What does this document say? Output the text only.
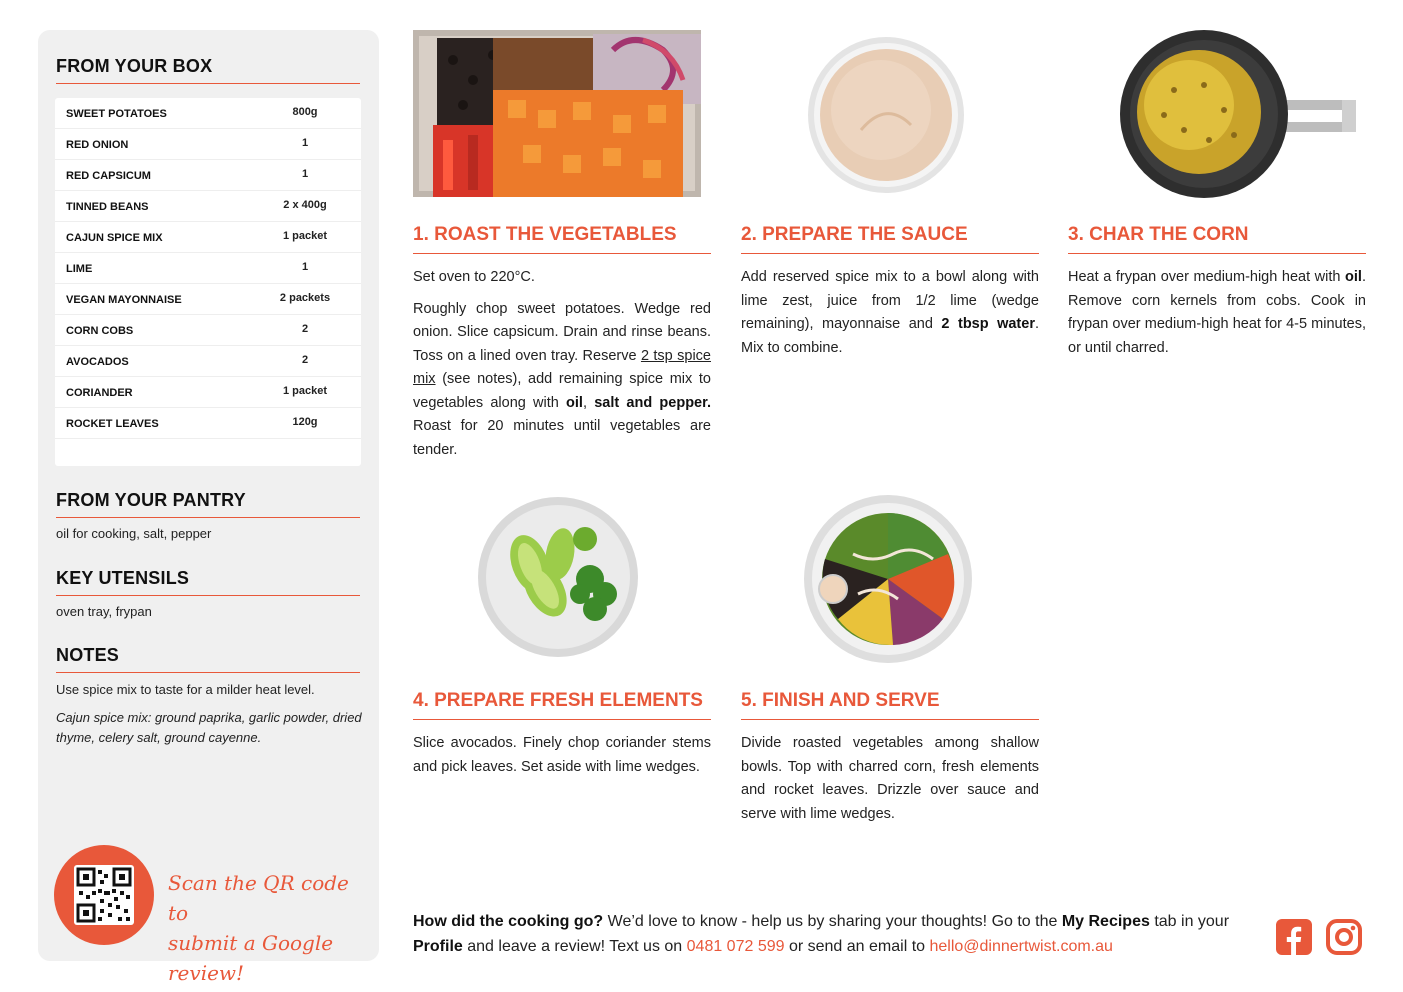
FROM YOUR BOX
SWEET POTATOES	800g
RED ONION	1
RED CAPSICUM	1
TINNED BEANS	2 x 400g
CAJUN SPICE MIX	1 packet
LIME	1
VEGAN MAYONNAISE	2 packets
CORN COBS	2
AVOCADOS	2
CORIANDER	1 packet
ROCKET LEAVES	120g
FROM YOUR PANTRY
oil for cooking, salt, pepper
KEY UTENSILS
oven tray, frypan
NOTES
Use spice mix to taste for a milder heat level.
Cajun spice mix: ground paprika, garlic powder, dried thyme, celery salt, ground cayenne.
Scan the QR code to
submit a Google review!
1. ROAST THE VEGETABLES

Set oven to 220°C.

Roughly chop sweet potatoes. Wedge red onion. Slice capsicum. Drain and rinse beans. Toss on a lined oven tray. Reserve 2 tsp spice mix (see notes), add remaining spice mix to vegetables along with oil, salt and pepper. Roast for 20 minutes until vegetables are tender.

2. PREPARE THE SAUCE

Add reserved spice mix to a bowl along with lime zest, juice from 1/2 lime (wedge remaining), mayonnaise and 2 tbsp water. Mix to combine.

3. CHAR THE CORN

Heat a frypan over medium-high heat with oil. Remove corn kernels from cobs. Cook in frypan over medium-high heat for 4-5 minutes, or until charred.

4. PREPARE FRESH ELEMENTS

Slice avocados. Finely chop coriander stems and pick leaves. Set aside with lime wedges.

5. FINISH AND SERVE

Divide roasted vegetables among shallow bowls. Top with charred corn, fresh elements and rocket leaves. Drizzle over sauce and serve with lime wedges.

How did the cooking go? We’d love to know - help us by sharing your thoughts! Go to the My Recipes tab in your Profile and leave a review! Text us on 0481 072 599 or send an email to hello@dinnertwist.com.au
